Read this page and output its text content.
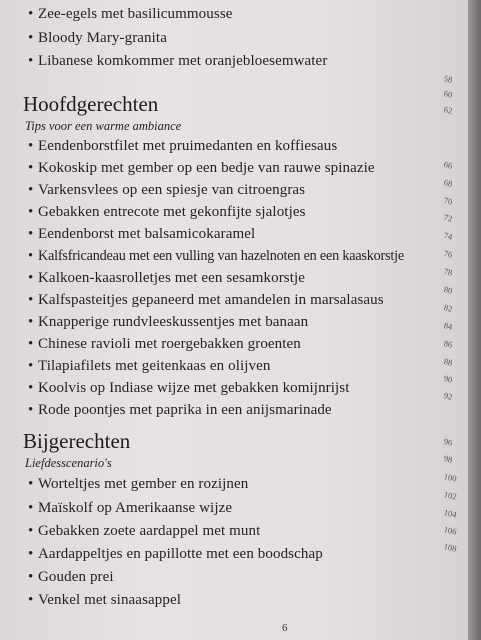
• Zee-egels met basilicummousse
• Bloody Mary-granita
• Libanese komkommer met oranjebloesemwater
Hoofdgerechten
Tips voor een warme ambiance
• Eendenborstfilet met pruimedanten en koffiesaus
• Kokoskip met gember op een bedje van rauwe spinazie
• Varkensvlees op een spiesje van citroengras
• Gebakken entrecote met gekonfijte sjalotjes
• Eendenborst met balsamicokaramel
• Kalfsfricandeau met een vulling van hazelnoten en een kaaskorstje
• Kalkoen-kaasrolletjes met een sesamkorstje
• Kalfspasteitjes gepaneerd met amandelen in marsalasaus
• Knapperige rundvleeskussentjes met banaan
• Chinese ravioli met roergebakken groenten
• Tilapiafilets met geitenkaas en olijven
• Koolvis op Indiase wijze met gebakken komijnrijst
• Rode poontjes met paprika in een anijsmarinade
Bijgerechten
Liefdesscenario's
• Worteltjes met gember en rozijnen
• Maïskolf op Amerikaanse wijze
• Gebakken zoete aardappel met munt
• Aardappeltjes en papillotte met een boodschap
• Gouden prei
• Venkel met sinaasappel
58
60
62
66
68
70
72
74
76
78
80
82
84
86
88
90
92
96
98
100
102
104
106
108
6
